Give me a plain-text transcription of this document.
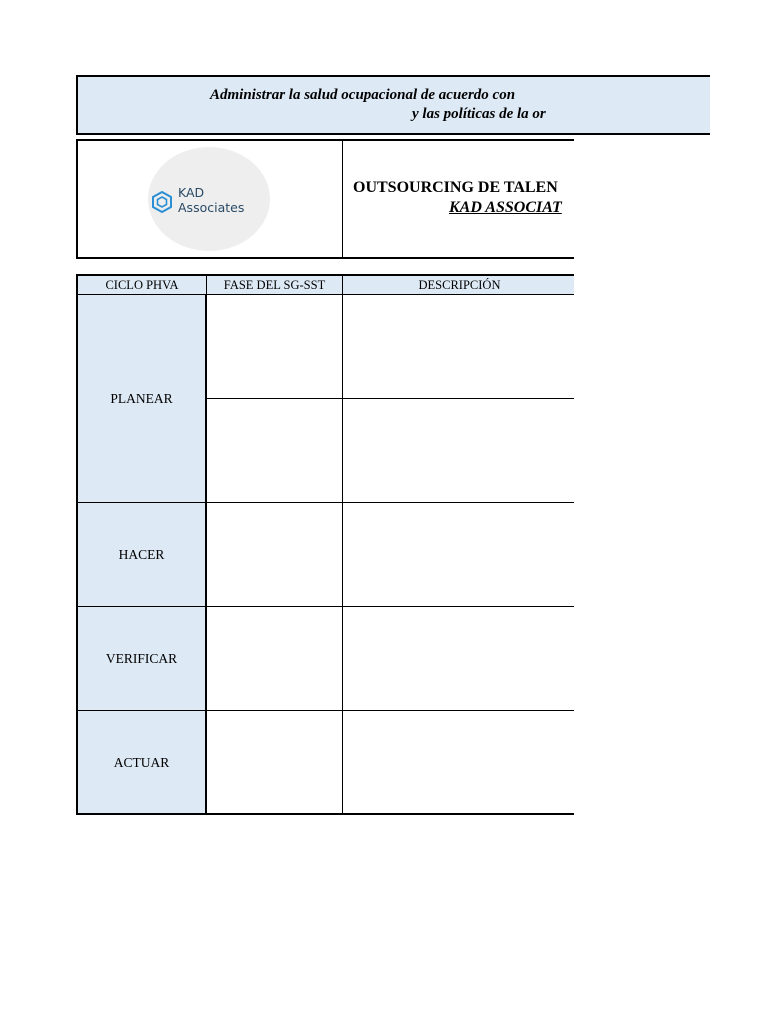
Administrar la salud ocupacional de acuerdo con
y las políticas de la or
KAD
Associates
OUTSOURCING DE TALEN
KAD ASSOCIAT
CICLO PHVA	FASE DEL SG-SST	DESCRIPCIÓN
PLANEAR
HACER
VERIFICAR
ACTUAR
